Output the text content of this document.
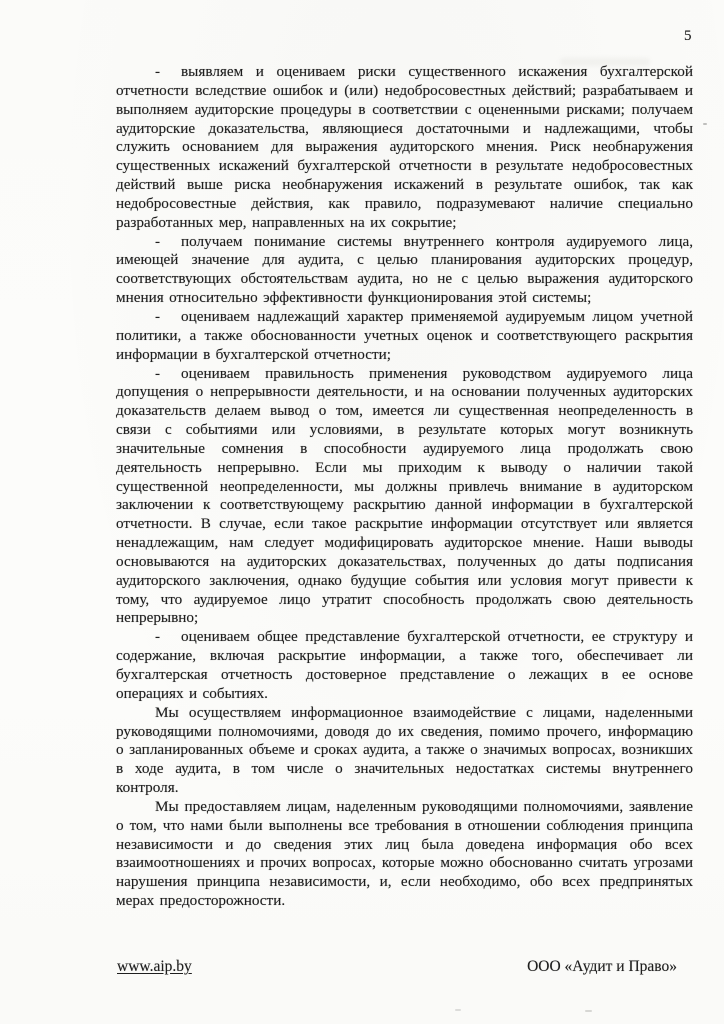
5

- выявляем и оцениваем риски существенного искажения бухгалтерской отчетности вследствие ошибок и (или) недобросовестных действий; разрабатываем и выполняем аудиторские процедуры в соответствии с оцененными рисками; получаем аудиторские доказательства, являющиеся достаточными и надлежащими, чтобы служить основанием для выражения аудиторского мнения. Риск необнаружения существенных искажений бухгалтерской отчетности в результате недобросовестных действий выше риска необнаружения искажений в результате ошибок, так как недобросовестные действия, как правило, подразумевают наличие специально разработанных мер, направленных на их сокрытие;

- получаем понимание системы внутреннего контроля аудируемого лица, имеющей значение для аудита, с целью планирования аудиторских процедур, соответствующих обстоятельствам аудита, но не с целью выражения аудиторского мнения относительно эффективности функционирования этой системы;

- оцениваем надлежащий характер применяемой аудируемым лицом учетной политики, а также обоснованности учетных оценок и соответствующего раскрытия информации в бухгалтерской отчетности;

- оцениваем правильность применения руководством аудируемого лица допущения о непрерывности деятельности, и на основании полученных аудиторских доказательств делаем вывод о том, имеется ли существенная неопределенность в связи с событиями или условиями, в результате которых могут возникнуть значительные сомнения в способности аудируемого лица продолжать свою деятельность непрерывно. Если мы приходим к выводу о наличии такой существенной неопределенности, мы должны привлечь внимание в аудиторском заключении к соответствующему раскрытию данной информации в бухгалтерской отчетности. В случае, если такое раскрытие информации отсутствует или является ненадлежащим, нам следует модифицировать аудиторское мнение. Наши выводы основываются на аудиторских доказательствах, полученных до даты подписания аудиторского заключения, однако будущие события или условия могут привести к тому, что аудируемое лицо утратит способность продолжать свою деятельность непрерывно;

- оцениваем общее представление бухгалтерской отчетности, ее структуру и содержание, включая раскрытие информации, а также того, обеспечивает ли бухгалтерская отчетность достоверное представление о лежащих в ее основе операциях и событиях.

Мы осуществляем информационное взаимодействие с лицами, наделенными руководящими полномочиями, доводя до их сведения, помимо прочего, информацию о запланированных объеме и сроках аудита, а также о значимых вопросах, возникших в ходе аудита, в том числе о значительных недостатках системы внутреннего контроля.

Мы предоставляем лицам, наделенным руководящими полномочиями, заявление о том, что нами были выполнены все требования в отношении соблюдения принципа независимости и до сведения этих лиц была доведена информация обо всех взаимоотношениях и прочих вопросах, которые можно обоснованно считать угрозами нарушения принципа независимости, и, если необходимо, обо всех предпринятых мерах предосторожности.

www.aip.by	ООО «Аудит и Право»
